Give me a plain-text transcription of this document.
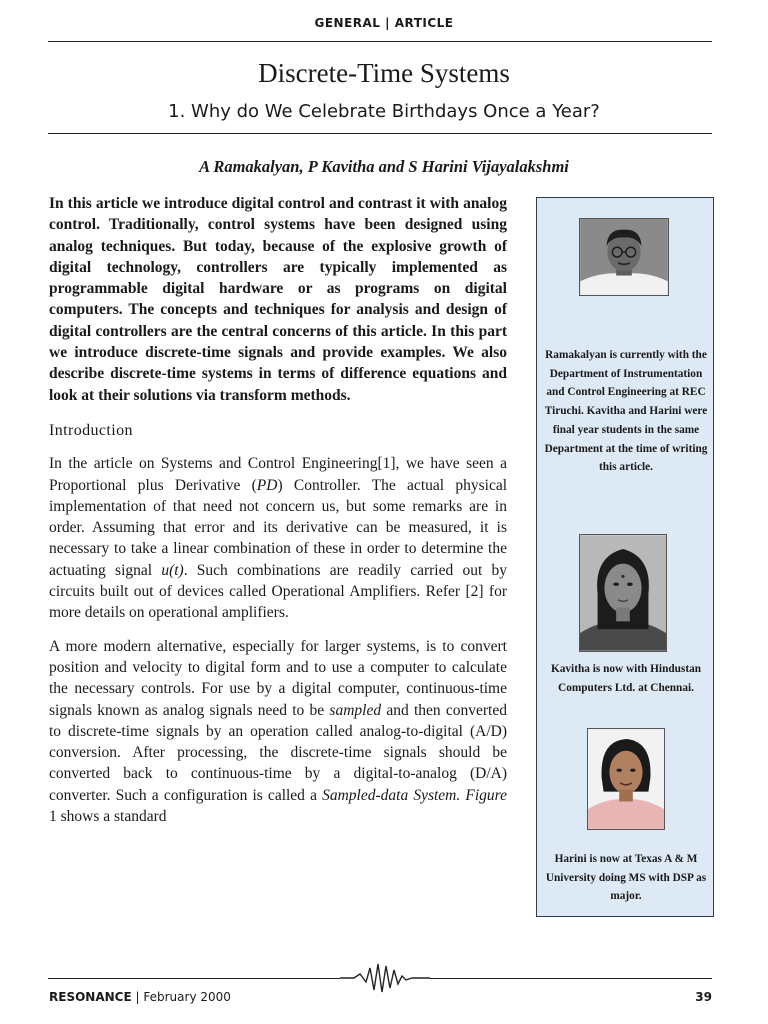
GENERAL | ARTICLE
Discrete-Time Systems
1. Why do We Celebrate Birthdays Once a Year?
A Ramakalyan, P Kavitha and S Harini Vijayalakshmi

In this article we introduce digital control and contrast it with analog control. Traditionally, control systems have been designed using analog techniques. But today, because of the explosive growth of digital technology, controllers are typically implemented as programmable digital hardware or as programs on digital computers. The concepts and techniques for analysis and design of digital controllers are the central concerns of this article. In this part we introduce discrete-time signals and provide examples. We also describe discrete-time systems in terms of difference equations and look at their solutions via transform methods.

Introduction

In the article on Systems and Control Engineering[1], we have seen a Proportional plus Derivative (PD) Controller. The actual physical implementation of that need not concern us, but some remarks are in order. Assuming that error and its derivative can be measured, it is necessary to take a linear combination of these in order to determine the actuating signal u(t). Such combinations are readily carried out by circuits built out of devices called Operational Amplifiers. Refer [2] for more details on operational amplifiers.

A more modern alternative, especially for larger systems, is to convert position and velocity to digital form and to use a computer to calculate the necessary controls. For use by a digital computer, continuous-time signals known as analog signals need to be sampled and then converted to discrete-time signals by an operation called analog-to-digital (A/D) conversion. After processing, the discrete-time signals should be converted back to continuous-time by a digital-to-analog (D/A) converter. Such a configuration is called a Sampled-data System. Figure 1 shows a standard

Ramakalyan is currently with the Department of Instrumentation and Control Engineering at REC Tiruchi. Kavitha and Harini were final year students in the same Department at the time of writing this article.
Kavitha is now with Hindustan Computers Ltd. at Chennai.
Harini is now at Texas A & M University doing MS with DSP as major.
RESONANCE | February 2000	39
